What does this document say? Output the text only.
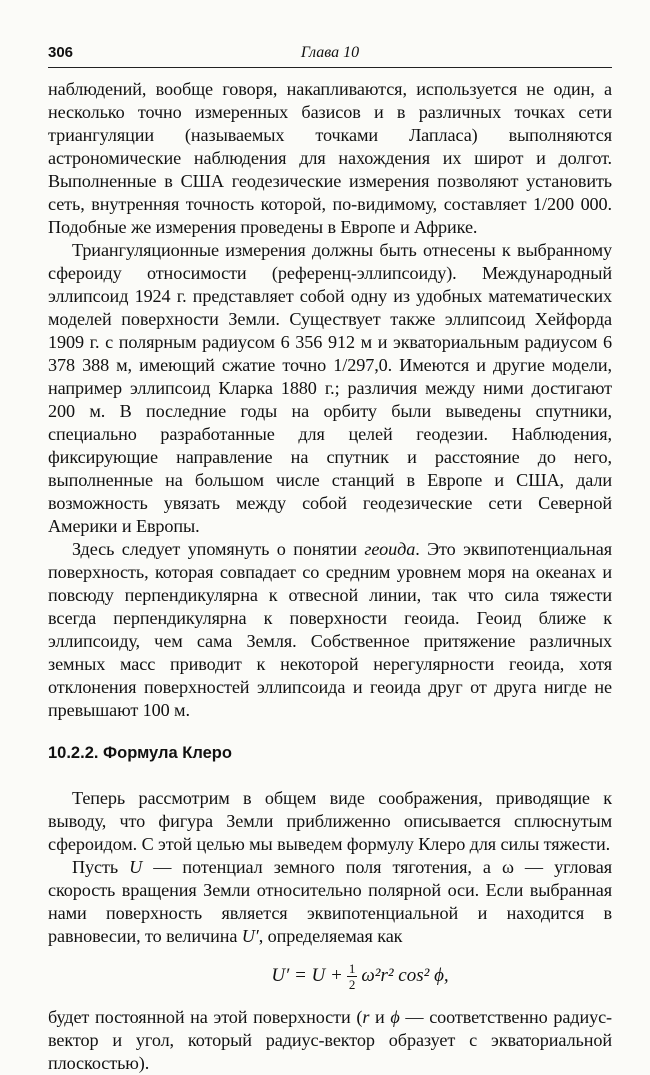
306	Глава 10

наблюдений, вообще говоря, накапливаются, используется не один, а несколько точно измеренных базисов и в различных точках сети триангуляции (называемых точками Лапласа) выполняются астрономические наблюдения для нахождения их широт и долгот. Выполненные в США геодезические измерения позволяют установить сеть, внутренняя точность которой, по-видимому, составляет 1/200 000. Подобные же измерения проведены в Европе и Африке.

Триангуляционные измерения должны быть отнесены к выбранному сфероиду относимости (референц-эллипсоиду). Международный эллипсоид 1924 г. представляет собой одну из удобных математических моделей поверхности Земли. Существует также эллипсоид Хейфорда 1909 г. с полярным радиусом 6 356 912 м и экваториальным радиусом 6 378 388 м, имеющий сжатие точно 1/297,0. Имеются и другие модели, например эллипсоид Кларка 1880 г.; различия между ними достигают 200 м. В последние годы на орбиту были выведены спутники, специально разработанные для целей геодезии. Наблюдения, фиксирующие направление на спутник и расстояние до него, выполненные на большом числе станций в Европе и США, дали возможность увязать между собой геодезические сети Северной Америки и Европы.

Здесь следует упомянуть о понятии геоида. Это эквипотенциальная поверхность, которая совпадает со средним уровнем моря на океанах и повсюду перпендикулярна к отвесной линии, так что сила тяжести всегда перпендикулярна к поверхности геоида. Геоид ближе к эллипсоиду, чем сама Земля. Собственное притяжение различных земных масс приводит к некоторой нерегулярности геоида, хотя отклонения поверхностей эллипсоида и геоида друг от друга нигде не превышают 100 м.

10.2.2. Формула Клеро

Теперь рассмотрим в общем виде соображения, приводящие к выводу, что фигура Земли приближенно описывается сплюснутым сфероидом. С этой целью мы выведем формулу Клеро для силы тяжести.

Пусть U — потенциал земного поля тяготения, а ω — угловая скорость вращения Земли относительно полярной оси. Если выбранная нами поверхность является эквипотенциальной и находится в равновесии, то величина U′, определяемая как

$U' = U + \frac{1}{2} \omega^2r^2$ cos² ϕ,

будет постоянной на этой поверхности (r и ϕ — соответственно радиус-вектор и угол, который радиус-вектор образует с экваториальной плоскостью).
